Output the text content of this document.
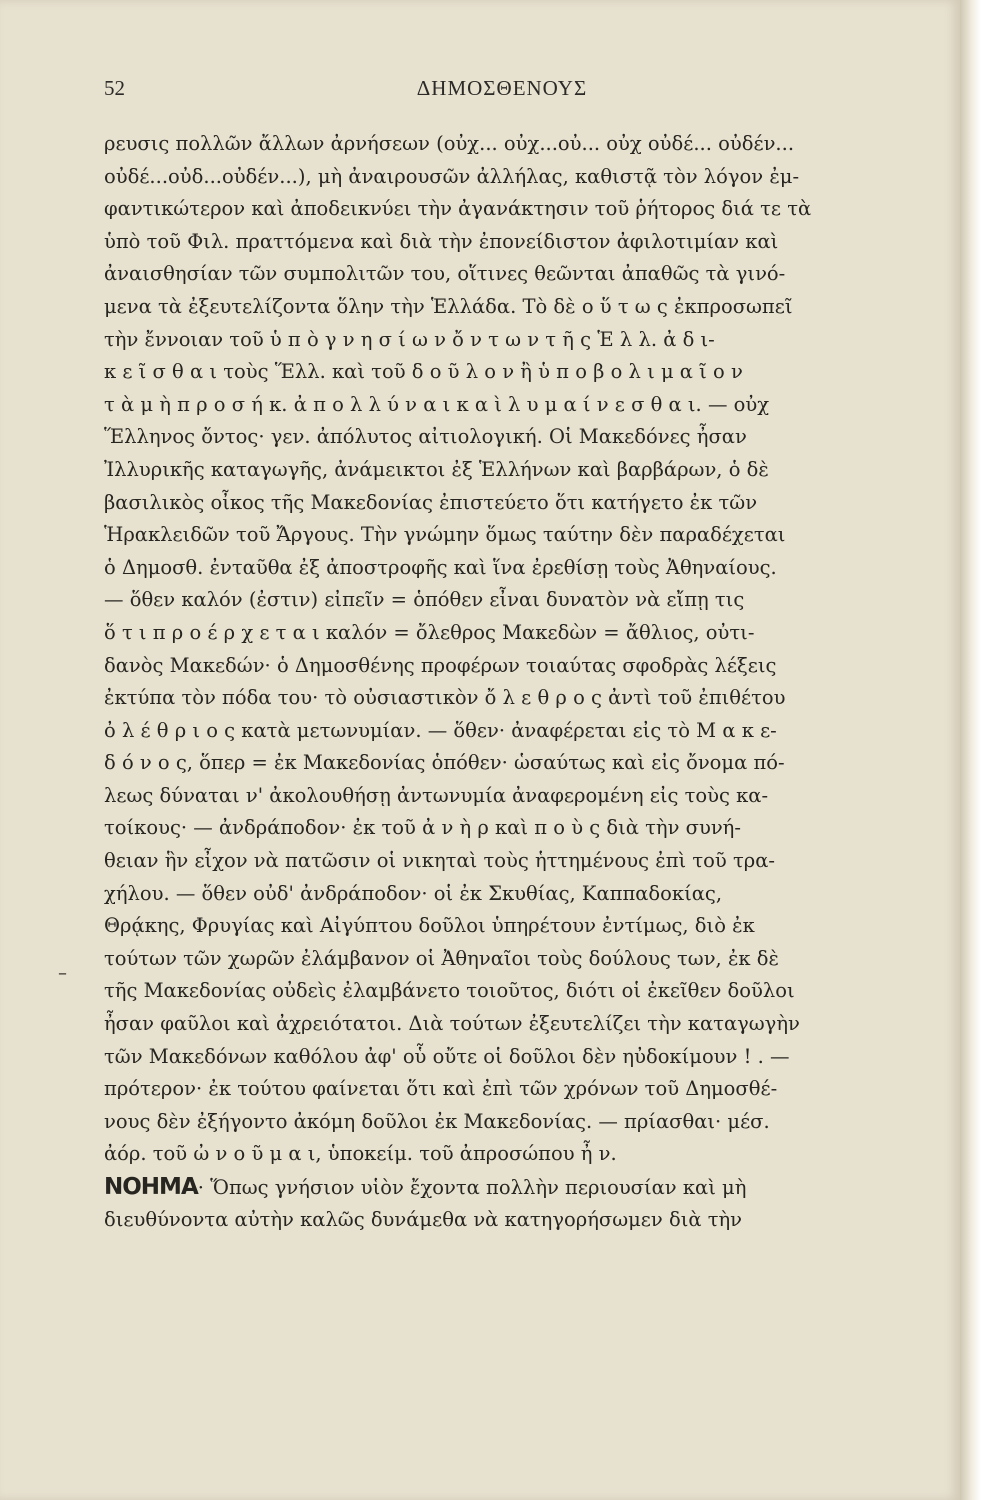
52	ΔΗΜΟΣΘΕΝΟΥΣ
–
ρευσις πολλῶν ἄλλων ἀρνήσεων (οὐχ... οὐχ...οὐ... οὐχ οὐδέ... οὐδέν...
οὐδέ...οὐδ...οὐδέν...), μὴ ἀναιρουσῶν ἀλλήλας, καθιστᾷ τὸν λόγον ἐμ-
φαντικώτερον καὶ ἀποδεικνύει τὴν ἀγανάκτησιν τοῦ ῥήτορος διά τε τὰ
ὑπὸ τοῦ Φιλ. πραττόμενα καὶ διὰ τὴν ἐπονείδιστον ἀφιλοτιμίαν καὶ
ἀναισθησίαν τῶν συμπολιτῶν του, οἵτινες θεῶνται ἀπαθῶς τὰ γινό-
μενα τὰ ἐξευτελίζοντα ὅλην τὴν Ἑλλάδα. Τὸ δὲ ο ὕ τ ω ς ἐκπροσωπεῖ
τὴν ἔννοιαν τοῦ ὑ π ὸ γ ν η σ ί ω ν ὄ ν τ ω ν τ ῆ ς Ἑ λ λ. ἀ δ ι-
κ ε ῖ σ θ α ι τοὺς Ἕλλ. καὶ τοῦ δ ο ῦ λ ο ν ἢ ὑ π ο β ο λ ι μ α ῖ ο ν
τ ὰ μ ὴ π ρ ο σ ή κ. ἀ π ο λ λ ύ ν α ι κ α ὶ λ υ μ α ί ν ε σ θ α ι. — οὐχ
Ἕλληνος ὄντος· γεν. ἀπόλυτος αἰτιολογική. Οἱ Μακεδόνες ἦσαν
Ἰλλυρικῆς καταγωγῆς, ἀνάμεικτοι ἐξ Ἑλλήνων καὶ βαρβάρων, ὁ δὲ
βασιλικὸς οἶκος τῆς Μακεδονίας ἐπιστεύετο ὅτι κατήγετο ἐκ τῶν
Ἡρακλειδῶν τοῦ Ἄργους. Τὴν γνώμην ὅμως ταύτην δὲν παραδέχεται
ὁ Δημοσθ. ἐνταῦθα ἐξ ἀποστροφῆς καὶ ἵνα ἐρεθίσῃ τοὺς Ἀθηναίους.
— ὅθεν καλόν (ἐστιν) εἰπεῖν = ὁπόθεν εἶναι δυνατὸν νὰ εἴπῃ τις
ὅ τ ι π ρ ο έ ρ χ ε τ α ι καλόν = ὄλεθρος Μακεδὼν = ἄθλιος, οὐτι-
δανὸς Μακεδών· ὁ Δημοσθένης προφέρων τοιαύτας σφοδρὰς λέξεις
ἐκτύπα τὸν πόδα του· τὸ οὐσιαστικὸν ὄ λ ε θ ρ ο ς ἀντὶ τοῦ ἐπιθέτου
ὀ λ έ θ ρ ι ο ς κατὰ μετωνυμίαν. — ὅθεν· ἀναφέρεται εἰς τὸ Μ α κ ε-
δ ό ν ο ς, ὅπερ = ἐκ Μακεδονίας ὁπόθεν· ὡσαύτως καὶ εἰς ὄνομα πό-
λεως δύναται ν' ἀκολουθήσῃ ἀντωνυμία ἀναφερομένη εἰς τοὺς κα-
τοίκους· — ἀνδράποδον· ἐκ τοῦ ἀ ν ὴ ρ καὶ π ο ὺ ς διὰ τὴν συνή-
θειαν ἣν εἶχον νὰ πατῶσιν οἱ νικηταὶ τοὺς ἡττημένους ἐπὶ τοῦ τρα-
χήλου. — ὅθεν οὐδ' ἀνδράποδον· οἱ ἐκ Σκυθίας, Καππαδοκίας,
Θρᾴκης, Φρυγίας καὶ Αἰγύπτου δοῦλοι ὑπηρέτουν ἐντίμως, διὸ ἐκ
τούτων τῶν χωρῶν ἐλάμβανον οἱ Ἀθηναῖοι τοὺς δούλους των, ἐκ δὲ
τῆς Μακεδονίας οὐδεὶς ἐλαμβάνετο τοιοῦτος, διότι οἱ ἐκεῖθεν δοῦλοι
ἦσαν φαῦλοι καὶ ἀχρειότατοι. Διὰ τούτων ἐξευτελίζει τὴν καταγωγὴν
τῶν Μακεδόνων καθόλου ἀφ' οὗ οὔτε οἱ δοῦλοι δὲν ηὐδοκίμουν ! . —
πρότερον· ἐκ τούτου φαίνεται ὅτι καὶ ἐπὶ τῶν χρόνων τοῦ Δημοσθέ-
νους δὲν ἐξήγοντο ἀκόμη δοῦλοι ἐκ Μακεδονίας. — πρίασθαι· μέσ.
ἀόρ. τοῦ ὠ ν ο ῦ μ α ι, ὑποκείμ. τοῦ ἀπροσώπου ἦ ν.
ΝΟΗΜΑ· Ὅπως γνήσιον υἱὸν ἔχοντα πολλὴν περιουσίαν καὶ μὴ
διευθύνοντα αὐτὴν καλῶς δυνάμεθα νὰ κατηγορήσωμεν διὰ τὴν
